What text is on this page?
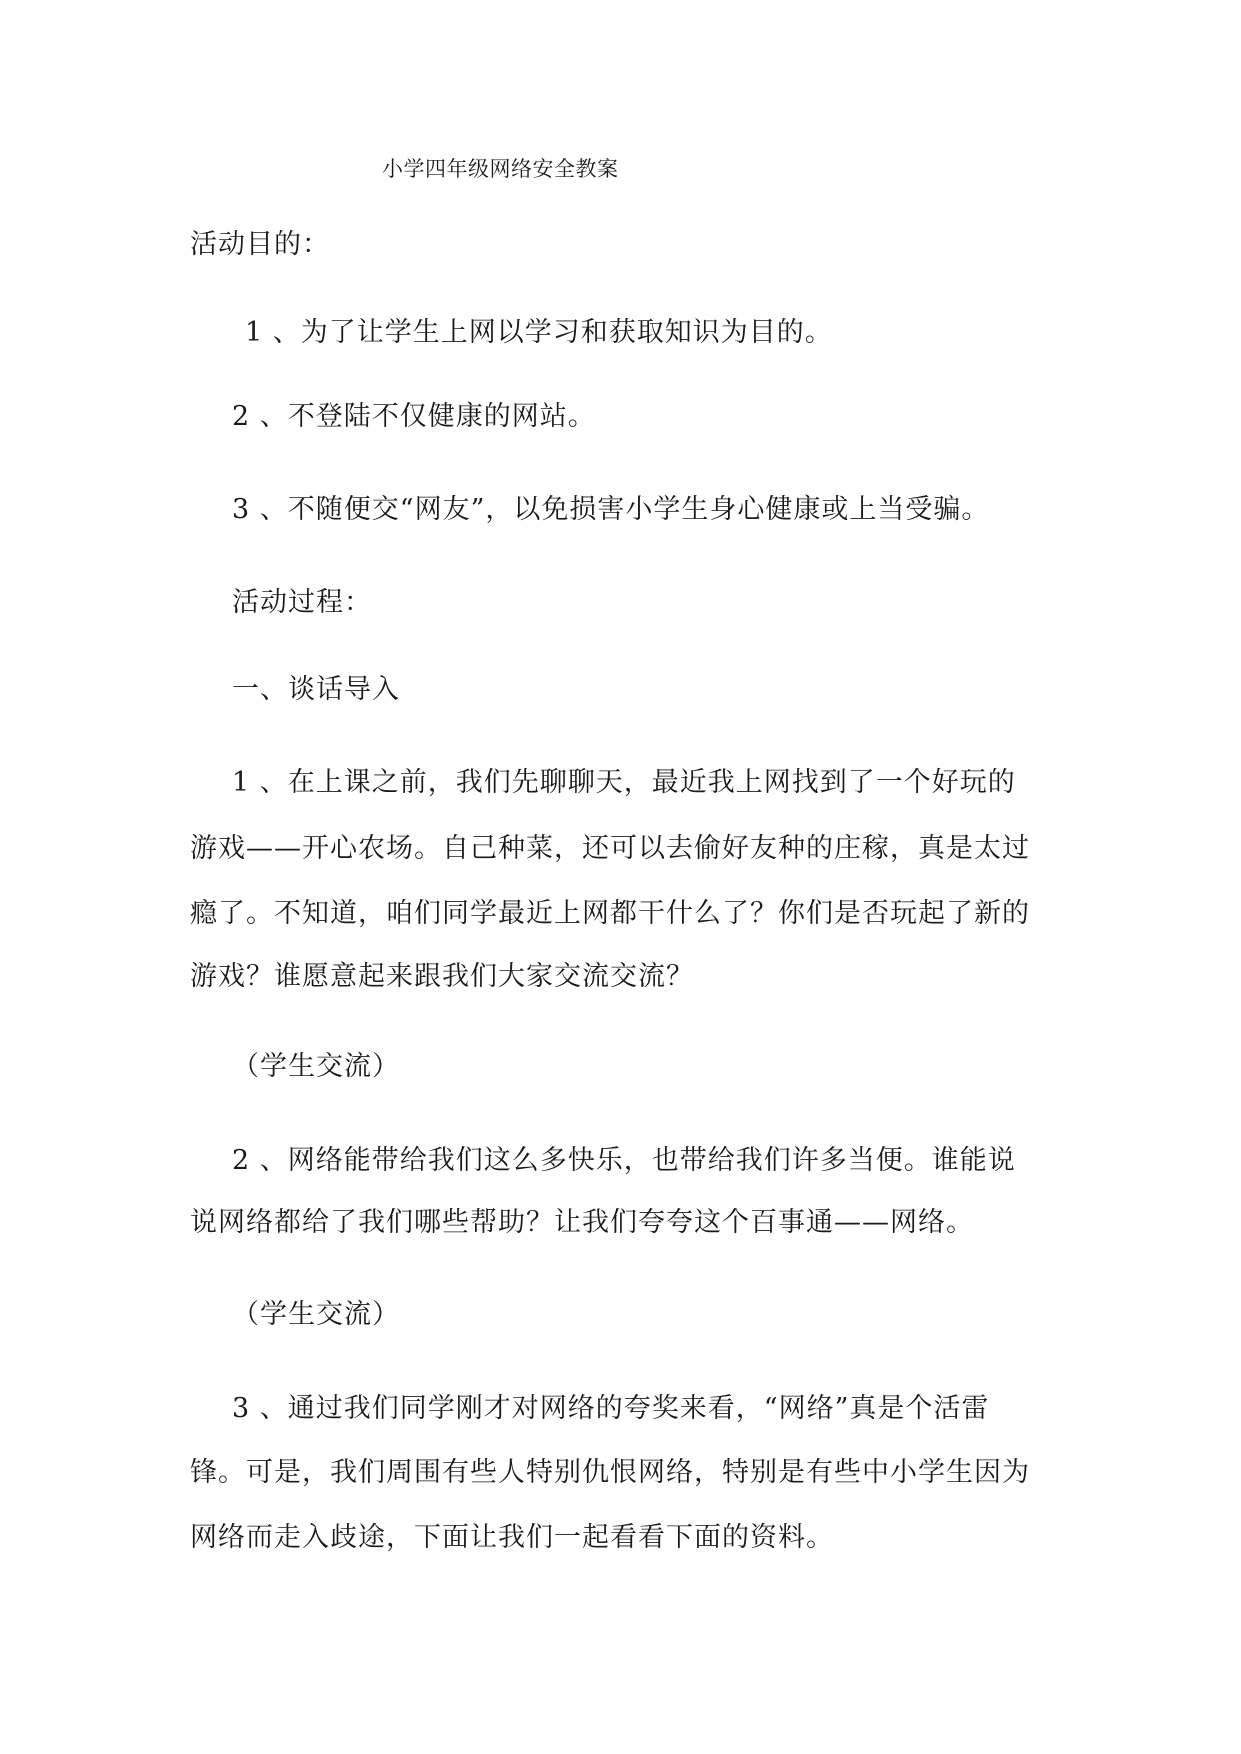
小学四年级网络安全教案
活动目的：
1 、为了让学生上网以学习和获取知识为目的。
2 、不登陆不仅健康的网站。
3 、不随便交“网友”，以免损害小学生身心健康或上当受骗。
活动过程：
一、谈话导入
1 、在上课之前，我们先聊聊天，最近我上网找到了一个好玩的
游戏——开心农场。自己种菜，还可以去偷好友种的庄稼，真是太过
瘾了。不知道，咱们同学最近上网都干什么了？你们是否玩起了新的
游戏？谁愿意起来跟我们大家交流交流？
（学生交流）
2 、网络能带给我们这么多快乐，也带给我们许多当便。谁能说
说网络都给了我们哪些帮助？让我们夸夸这个百事通——网络。
（学生交流）
3 、通过我们同学刚才对网络的夸奖来看，“网络”真是个活雷
锋。可是，我们周围有些人特别仇恨网络，特别是有些中小学生因为
网络而走入歧途，下面让我们一起看看下面的资料。
